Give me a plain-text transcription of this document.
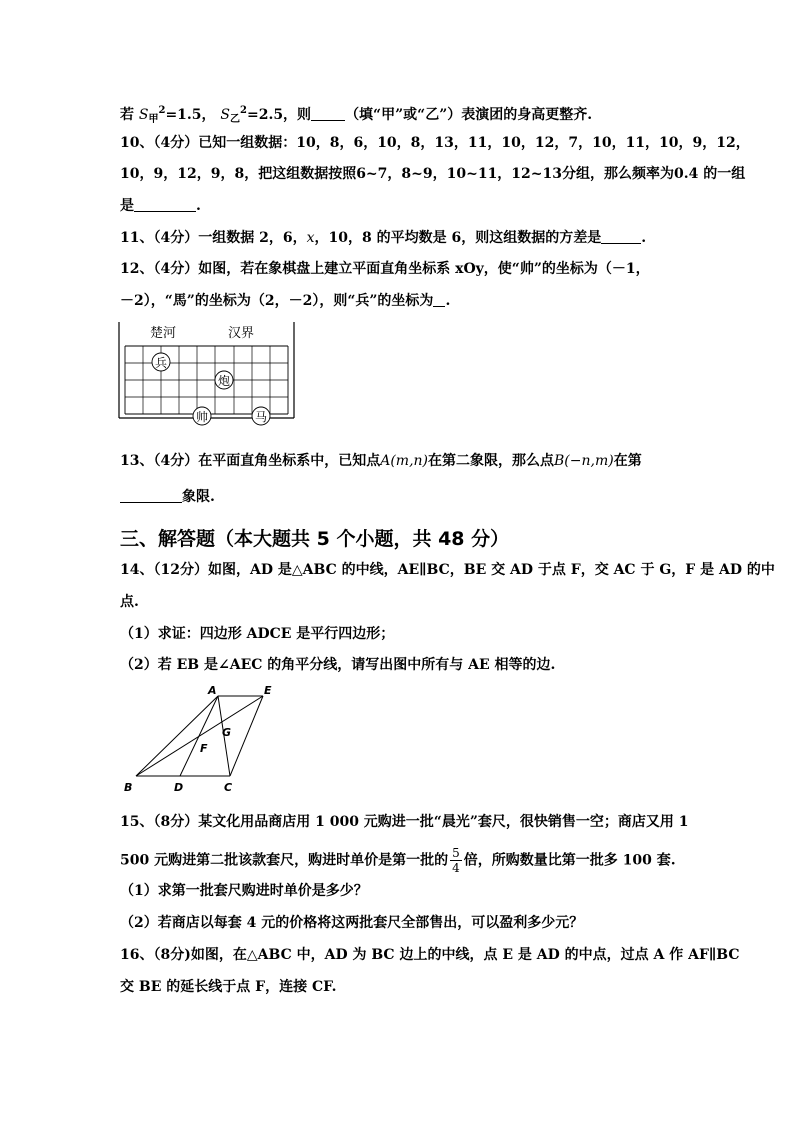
若 $S_甲^2=1.5$， $S_乙^2=2.5$，则 （填“甲”或“乙”）表演团的身高更整齐.
10、（4分）已知一组数据：10，8，6，10，8，13，11，10，12，7，10，11，10，9，12，
10，9，12，9，8，把这组数据按照6~7，8~9，10~11，12~13分组，那么频率为0.4 的一组
是	.
11、（4分）一组数据 2，6，x，10，8 的平均数是 6，则这组数据的方差是	.
12、（4分）如图，若在象棋盘上建立平面直角坐标系 xOy，使“帅”的坐标为（－1，
－2），“馬”的坐标为（2，－2），则“兵”的坐标为 .
楚河	汉界
兵
炮
帅	马
13、（4分）在平面直角坐标系中，已知点A(m,n)在第二象限，那么点B(−n,m)在第
象限.
三、解答题（本大题共 5 个小题，共 48 分）
14、（12分）如图，AD 是△ABC 的中线，AE∥BC，BE 交 AD 于点 F，交 AC 于 G，F 是 AD 的中
点.
（1）求证：四边形 ADCE 是平行四边形；
（2）若 EB 是∠AEC 的角平分线，请写出图中所有与 AE 相等的边.
A	E
G
F
B	D	C
15、（8分）某文化用品商店用 1 000 元购进一批“晨光”套尺，很快销售一空；商店又用 1
500 元购进第二批该款套尺，购进时单价是第一批的 $\frac{5}{4}$ 倍，所购数量比第一批多 100 套.
（1）求第一批套尺购进时单价是多少？
（2）若商店以每套 4 元的价格将这两批套尺全部售出，可以盈利多少元？
16、（8分)如图，在△ABC 中，AD 为 BC 边上的中线，点 E 是 AD 的中点，过点 A 作 AF∥BC
交 BE 的延长线于点 F，连接 CF.
